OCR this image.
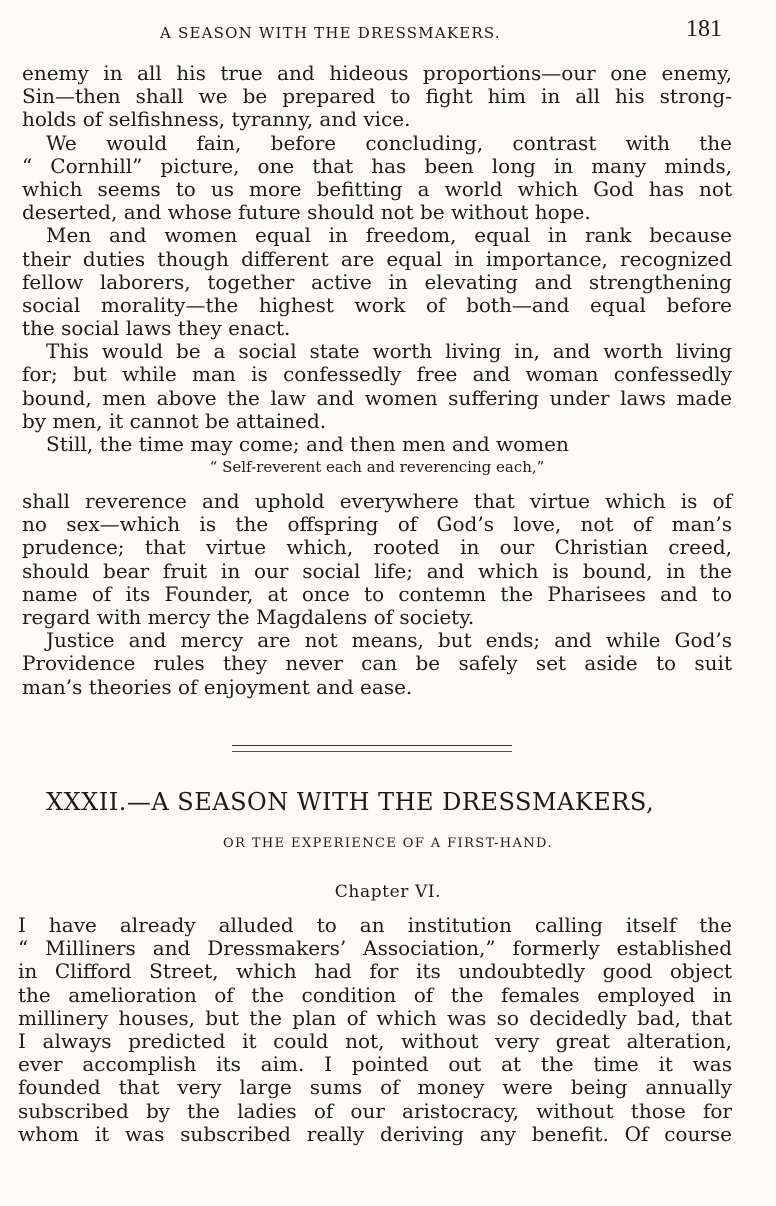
A SEASON WITH THE DRESSMAKERS.	181
enemy in all his true and hideous proportions—our one enemy,
Sin—then shall we be prepared to fight him in all his strong-
holds of selfishness, tyranny, and vice.
We would fain, before concluding, contrast with the
“ Cornhill” picture, one that has been long in many minds,
which seems to us more befitting a world which God has not
deserted, and whose future should not be without hope.
Men and women equal in freedom, equal in rank because
their duties though different are equal in importance, recognized
fellow laborers, together active in elevating and strengthening
social morality—the highest work of both—and equal before
the social laws they enact.
This would be a social state worth living in, and worth living
for; but while man is confessedly free and woman confessedly
bound, men above the law and women suffering under laws made
by men, it cannot be attained.
Still, the time may come; and then men and women
“ Self-reverent each and reverencing each,”
shall reverence and uphold everywhere that virtue which is of
no sex—which is the offspring of God’s love, not of man’s
prudence; that virtue which, rooted in our Christian creed,
should bear fruit in our social life; and which is bound, in the
name of its Founder, at once to contemn the Pharisees and to
regard with mercy the Magdalens of society.
Justice and mercy are not means, but ends; and while God’s
Providence rules they never can be safely set aside to suit
man’s theories of enjoyment and ease.
XXXII.—A SEASON WITH THE DRESSMAKERS,
OR THE EXPERIENCE OF A FIRST-HAND.
Chapter VI.
I have already alluded to an institution calling itself the
“ Milliners and Dressmakers’ Association,” formerly established
in Clifford Street, which had for its undoubtedly good object
the amelioration of the condition of the females employed in
millinery houses, but the plan of which was so decidedly bad, that
I always predicted it could not, without very great alteration,
ever accomplish its aim. I pointed out at the time it was
founded that very large sums of money were being annually
subscribed by the ladies of our aristocracy, without those for
whom it was subscribed really deriving any benefit. Of course
